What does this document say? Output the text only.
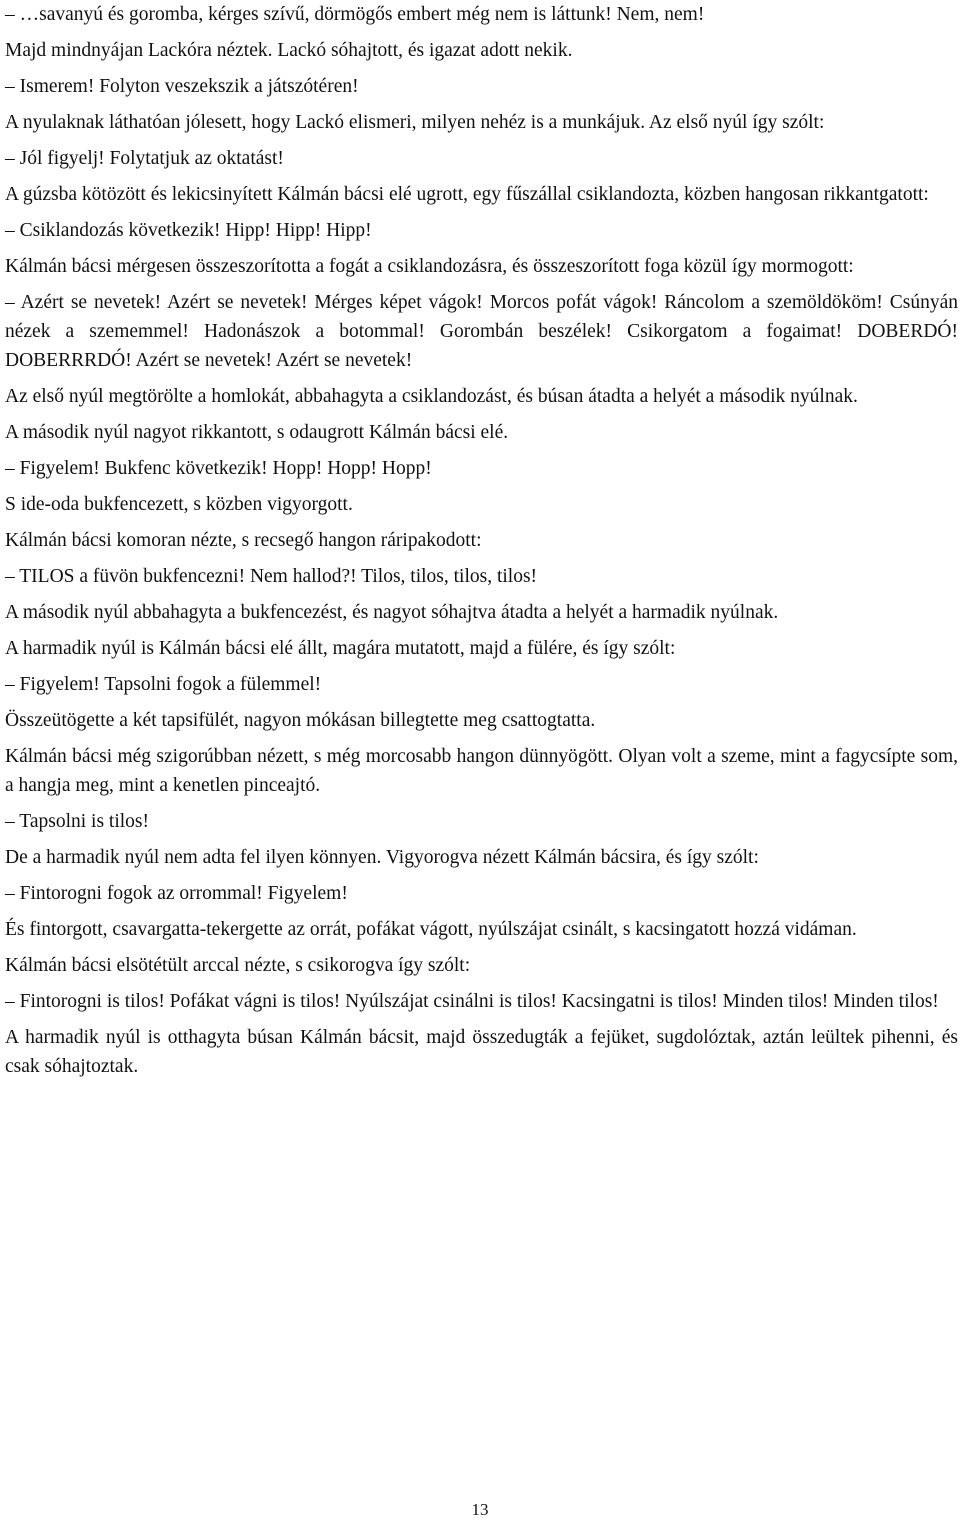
– …savanyú és goromba, kérges szívű, dörmögős embert még nem is láttunk! Nem, nem!

Majd mindnyájan Lackóra néztek. Lackó sóhajtott, és igazat adott nekik.

– Ismerem! Folyton veszekszik a játszótéren!

A nyulaknak láthatóan jólesett, hogy Lackó elismeri, milyen nehéz is a munkájuk. Az első nyúl így szólt:

– Jól figyelj! Folytatjuk az oktatást!

A gúzsba kötözött és lekicsinyített Kálmán bácsi elé ugrott, egy fűszállal csiklandozta, közben hangosan rikkantgatott:

– Csiklandozás következik! Hipp! Hipp! Hipp!

Kálmán bácsi mérgesen összeszorította a fogát a csiklandozásra, és összeszorított foga közül így mormogott:

– Azért se nevetek! Azért se nevetek! Mérges képet vágok! Morcos pofát vágok! Ráncolom a szemöldököm! Csúnyán nézek a szememmel! Hadonászok a botommal! Gorombán beszélek! Csikorgatom a fogaimat! DOBERDÓ! DOBERRRDÓ! Azért se nevetek! Azért se nevetek!

Az első nyúl megtörölte a homlokát, abbahagyta a csiklandozást, és búsan átadta a helyét a második nyúlnak.

A második nyúl nagyot rikkantott, s odaugrott Kálmán bácsi elé.

– Figyelem! Bukfenc következik! Hopp! Hopp! Hopp!

S ide-oda bukfencezett, s közben vigyorgott.

Kálmán bácsi komoran nézte, s recsegő hangon ráripakodott:

– TILOS a füvön bukfencezni! Nem hallod?! Tilos, tilos, tilos, tilos!

A második nyúl abbahagyta a bukfencezést, és nagyot sóhajtva átadta a helyét a harmadik nyúlnak.

A harmadik nyúl is Kálmán bácsi elé állt, magára mutatott, majd a fülére, és így szólt:

– Figyelem! Tapsolni fogok a fülemmel!

Összeütögette a két tapsifülét, nagyon mókásan billegtette meg csattogtatta.

Kálmán bácsi még szigorúbban nézett, s még morcosabb hangon dünnyögött. Olyan volt a szeme, mint a fagycsípte som, a hangja meg, mint a kenetlen pinceajtó.

– Tapsolni is tilos!

De a harmadik nyúl nem adta fel ilyen könnyen. Vigyorogva nézett Kálmán bácsira, és így szólt:

– Fintorogni fogok az orrommal! Figyelem!

És fintorgott, csavargatta-tekergette az orrát, pofákat vágott, nyúlszájat csinált, s kacsingatott hozzá vidáman.

Kálmán bácsi elsötétült arccal nézte, s csikorogva így szólt:

– Fintorogni is tilos! Pofákat vágni is tilos! Nyúlszájat csinálni is tilos! Kacsingatni is tilos! Minden tilos! Minden tilos!

A harmadik nyúl is otthagyta búsan Kálmán bácsit, majd összedugták a fejüket, sugdolóztak, aztán leültek pihenni, és csak sóhajtoztak.

13
